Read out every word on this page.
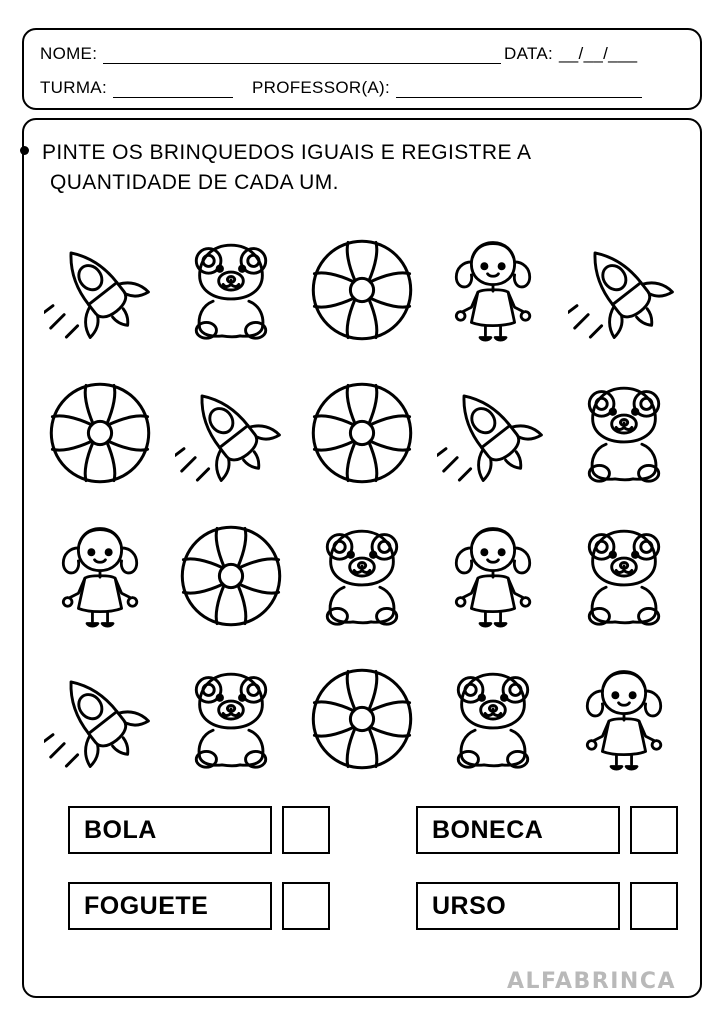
NOME:	DATA: __/__/___
TURMA:	PROFESSOR(A):
PINTE OS BRINQUEDOS IGUAIS E REGISTRE A
QUANTIDADE DE CADA UM.
BOLA	BONECA
FOGUETE	URSO
ALFABRINCA
